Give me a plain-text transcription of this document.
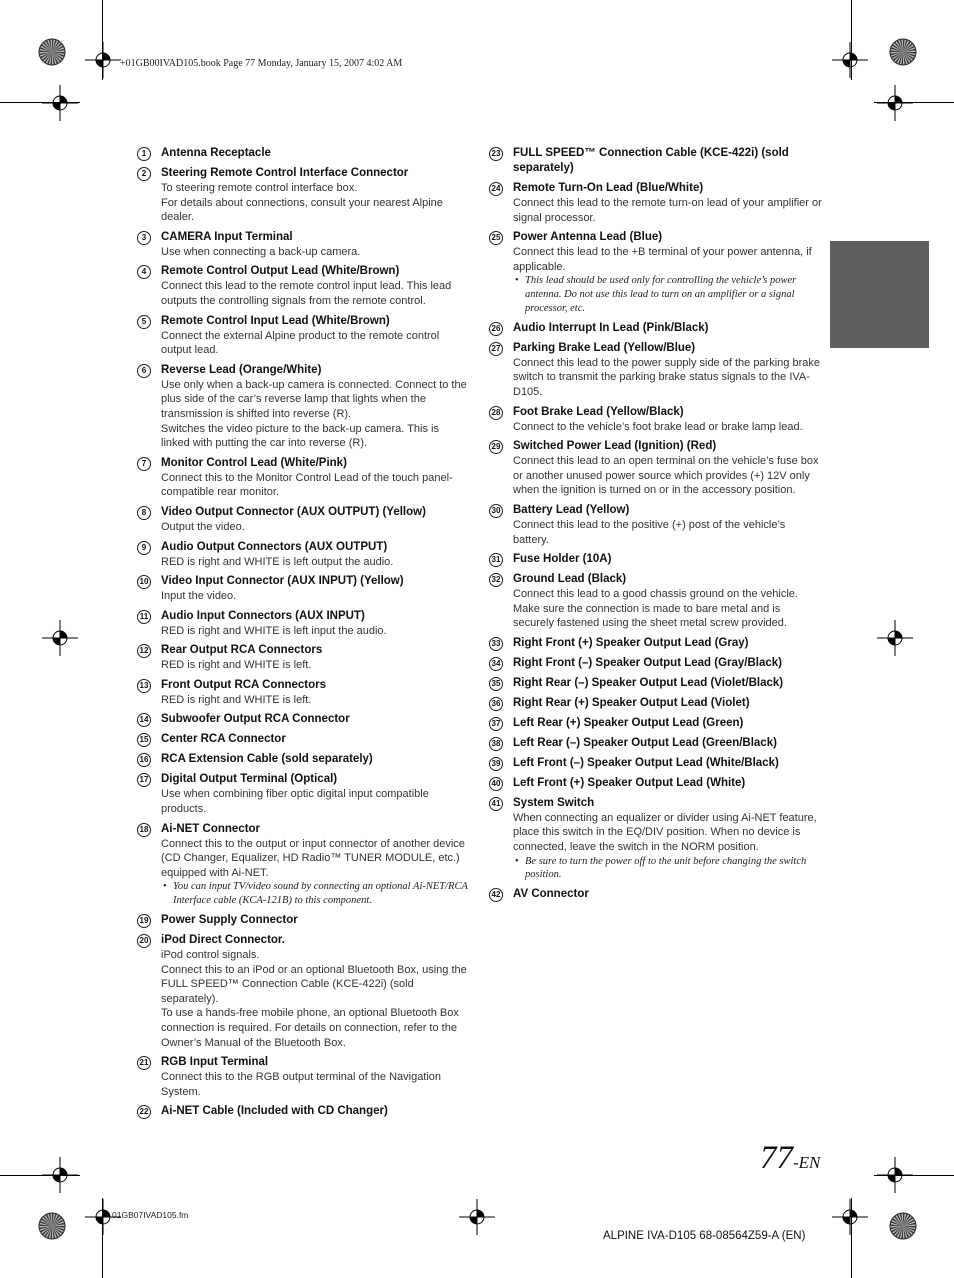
+01GB00IVAD105.book Page 77 Monday, January 15, 2007 4:02 AM
1	Antenna Receptacle
2	Steering Remote Control Interface Connector
To steering remote control interface box.
For details about connections, consult your nearest Alpine dealer.
3	CAMERA Input Terminal
Use when connecting a back-up camera.
4	Remote Control Output Lead (White/Brown)
Connect this lead to the remote control input lead. This lead outputs the controlling signals from the remote control.
5	Remote Control Input Lead (White/Brown)
Connect the external Alpine product to the remote control output lead.
6	Reverse Lead (Orange/White)
Use only when a back-up camera is connected. Connect to the plus side of the car’s reverse lamp that lights when the transmission is shifted into reverse (R).
Switches the video picture to the back-up camera. This is linked with putting the car into reverse (R).
7	Monitor Control Lead (White/Pink)
Connect this to the Monitor Control Lead of the touch panel-compatible rear monitor.
8	Video Output Connector (AUX OUTPUT) (Yellow)
Output the video.
9	Audio Output Connectors (AUX OUTPUT)
RED is right and WHITE is left output the audio.
10 Video Input Connector (AUX INPUT) (Yellow)
Input the video.
11 Audio Input Connectors (AUX INPUT)
RED is right and WHITE is left input the audio.
12 Rear Output RCA Connectors
RED is right and WHITE is left.
13 Front Output RCA Connectors
RED is right and WHITE is left.
14 Subwoofer Output RCA Connector
15 Center RCA Connector
16 RCA Extension Cable (sold separately)
17 Digital Output Terminal (Optical)
Use when combining fiber optic digital input compatible products.
18 Ai-NET Connector
Connect this to the output or input connector of another device (CD Changer, Equalizer, HD Radio™ TUNER MODULE, etc.) equipped with Ai-NET.
• You can input TV/video sound by connecting an optional Ai-NET/RCA Interface cable (KCA-121B) to this component.
19 Power Supply Connector
20 iPod Direct Connector.
iPod control signals.
Connect this to an iPod or an optional Bluetooth Box, using the FULL SPEED™ Connection Cable (KCE-422i) (sold separately).
To use a hands-free mobile phone, an optional Bluetooth Box connection is required. For details on connection, refer to the Owner’s Manual of the Bluetooth Box.
21 RGB Input Terminal
Connect this to the RGB output terminal of the Navigation System.
22 Ai-NET Cable (Included with CD Changer)
23 FULL SPEED™ Connection Cable (KCE-422i) (sold separately)
24 Remote Turn-On Lead (Blue/White)
Connect this lead to the remote turn-on lead of your amplifier or signal processor.
25 Power Antenna Lead (Blue)
Connect this lead to the +B terminal of your power antenna, if applicable.
• This lead should be used only for controlling the vehicle’s power antenna. Do not use this lead to turn on an amplifier or a signal processor, etc.
26 Audio Interrupt In Lead (Pink/Black)
27 Parking Brake Lead (Yellow/Blue)
Connect this lead to the power supply side of the parking brake switch to transmit the parking brake status signals to the IVA-D105.
28 Foot Brake Lead (Yellow/Black)
Connect to the vehicle’s foot brake lead or brake lamp lead.
29 Switched Power Lead (Ignition) (Red)
Connect this lead to an open terminal on the vehicle’s fuse box or another unused power source which provides (+) 12V only when the ignition is turned on or in the accessory position.
30 Battery Lead (Yellow)
Connect this lead to the positive (+) post of the vehicle’s battery.
31 Fuse Holder (10A)
32 Ground Lead (Black)
Connect this lead to a good chassis ground on the vehicle. Make sure the connection is made to bare metal and is securely fastened using the sheet metal screw provided.
33 Right Front (+) Speaker Output Lead (Gray)
34 Right Front (–) Speaker Output Lead (Gray/Black)
35 Right Rear (–) Speaker Output Lead (Violet/Black)
36 Right Rear (+) Speaker Output Lead (Violet)
37 Left Rear (+) Speaker Output Lead (Green)
38 Left Rear (–) Speaker Output Lead (Green/Black)
39 Left Front (–) Speaker Output Lead (White/Black)
40 Left Front (+) Speaker Output Lead (White)
41 System Switch
When connecting an equalizer or divider using Ai-NET feature, place this switch in the EQ/DIV position. When no device is connected, leave the switch in the NORM position.
• Be sure to turn the power off to the unit before changing the switch position.
42 AV Connector
77-EN
01GB07IVAD105.fm
ALPINE IVA-D105 68-08564Z59-A (EN)
